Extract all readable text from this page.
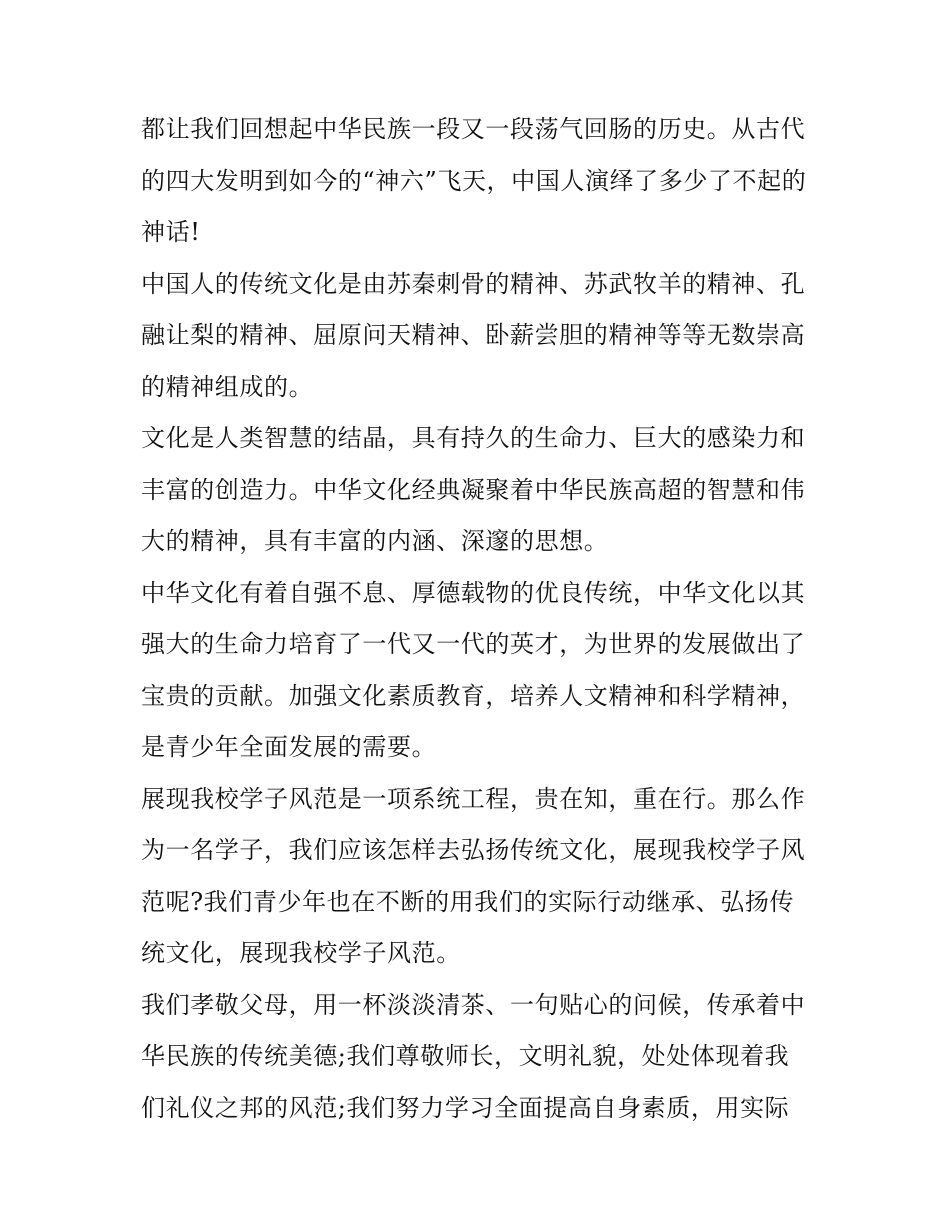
都让我们回想起中华民族一段又一段荡气回肠的历史。从古代
的四大发明到如今的“神六”飞天，中国人演绎了多少了不起的
神话!

中国人的传统文化是由苏秦刺骨的精神、苏武牧羊的精神、孔
融让梨的精神、屈原问天精神、卧薪尝胆的精神等等无数崇高
的精神组成的。

文化是人类智慧的结晶，具有持久的生命力、巨大的感染力和
丰富的创造力。中华文化经典凝聚着中华民族高超的智慧和伟
大的精神，具有丰富的内涵、深邃的思想。

中华文化有着自强不息、厚德载物的优良传统，中华文化以其
强大的生命力培育了一代又一代的英才，为世界的发展做出了
宝贵的贡献。加强文化素质教育，培养人文精神和科学精神，
是青少年全面发展的需要。

展现我校学子风范是一项系统工程，贵在知，重在行。那么作
为一名学子，我们应该怎样去弘扬传统文化，展现我校学子风
范呢?我们青少年也在不断的用我们的实际行动继承、弘扬传
统文化，展现我校学子风范。

我们孝敬父母，用一杯淡淡清茶、一句贴心的问候，传承着中
华民族的传统美德;我们尊敬师长，文明礼貌，处处体现着我
们礼仪之邦的风范;我们努力学习全面提高自身素质，用实际
